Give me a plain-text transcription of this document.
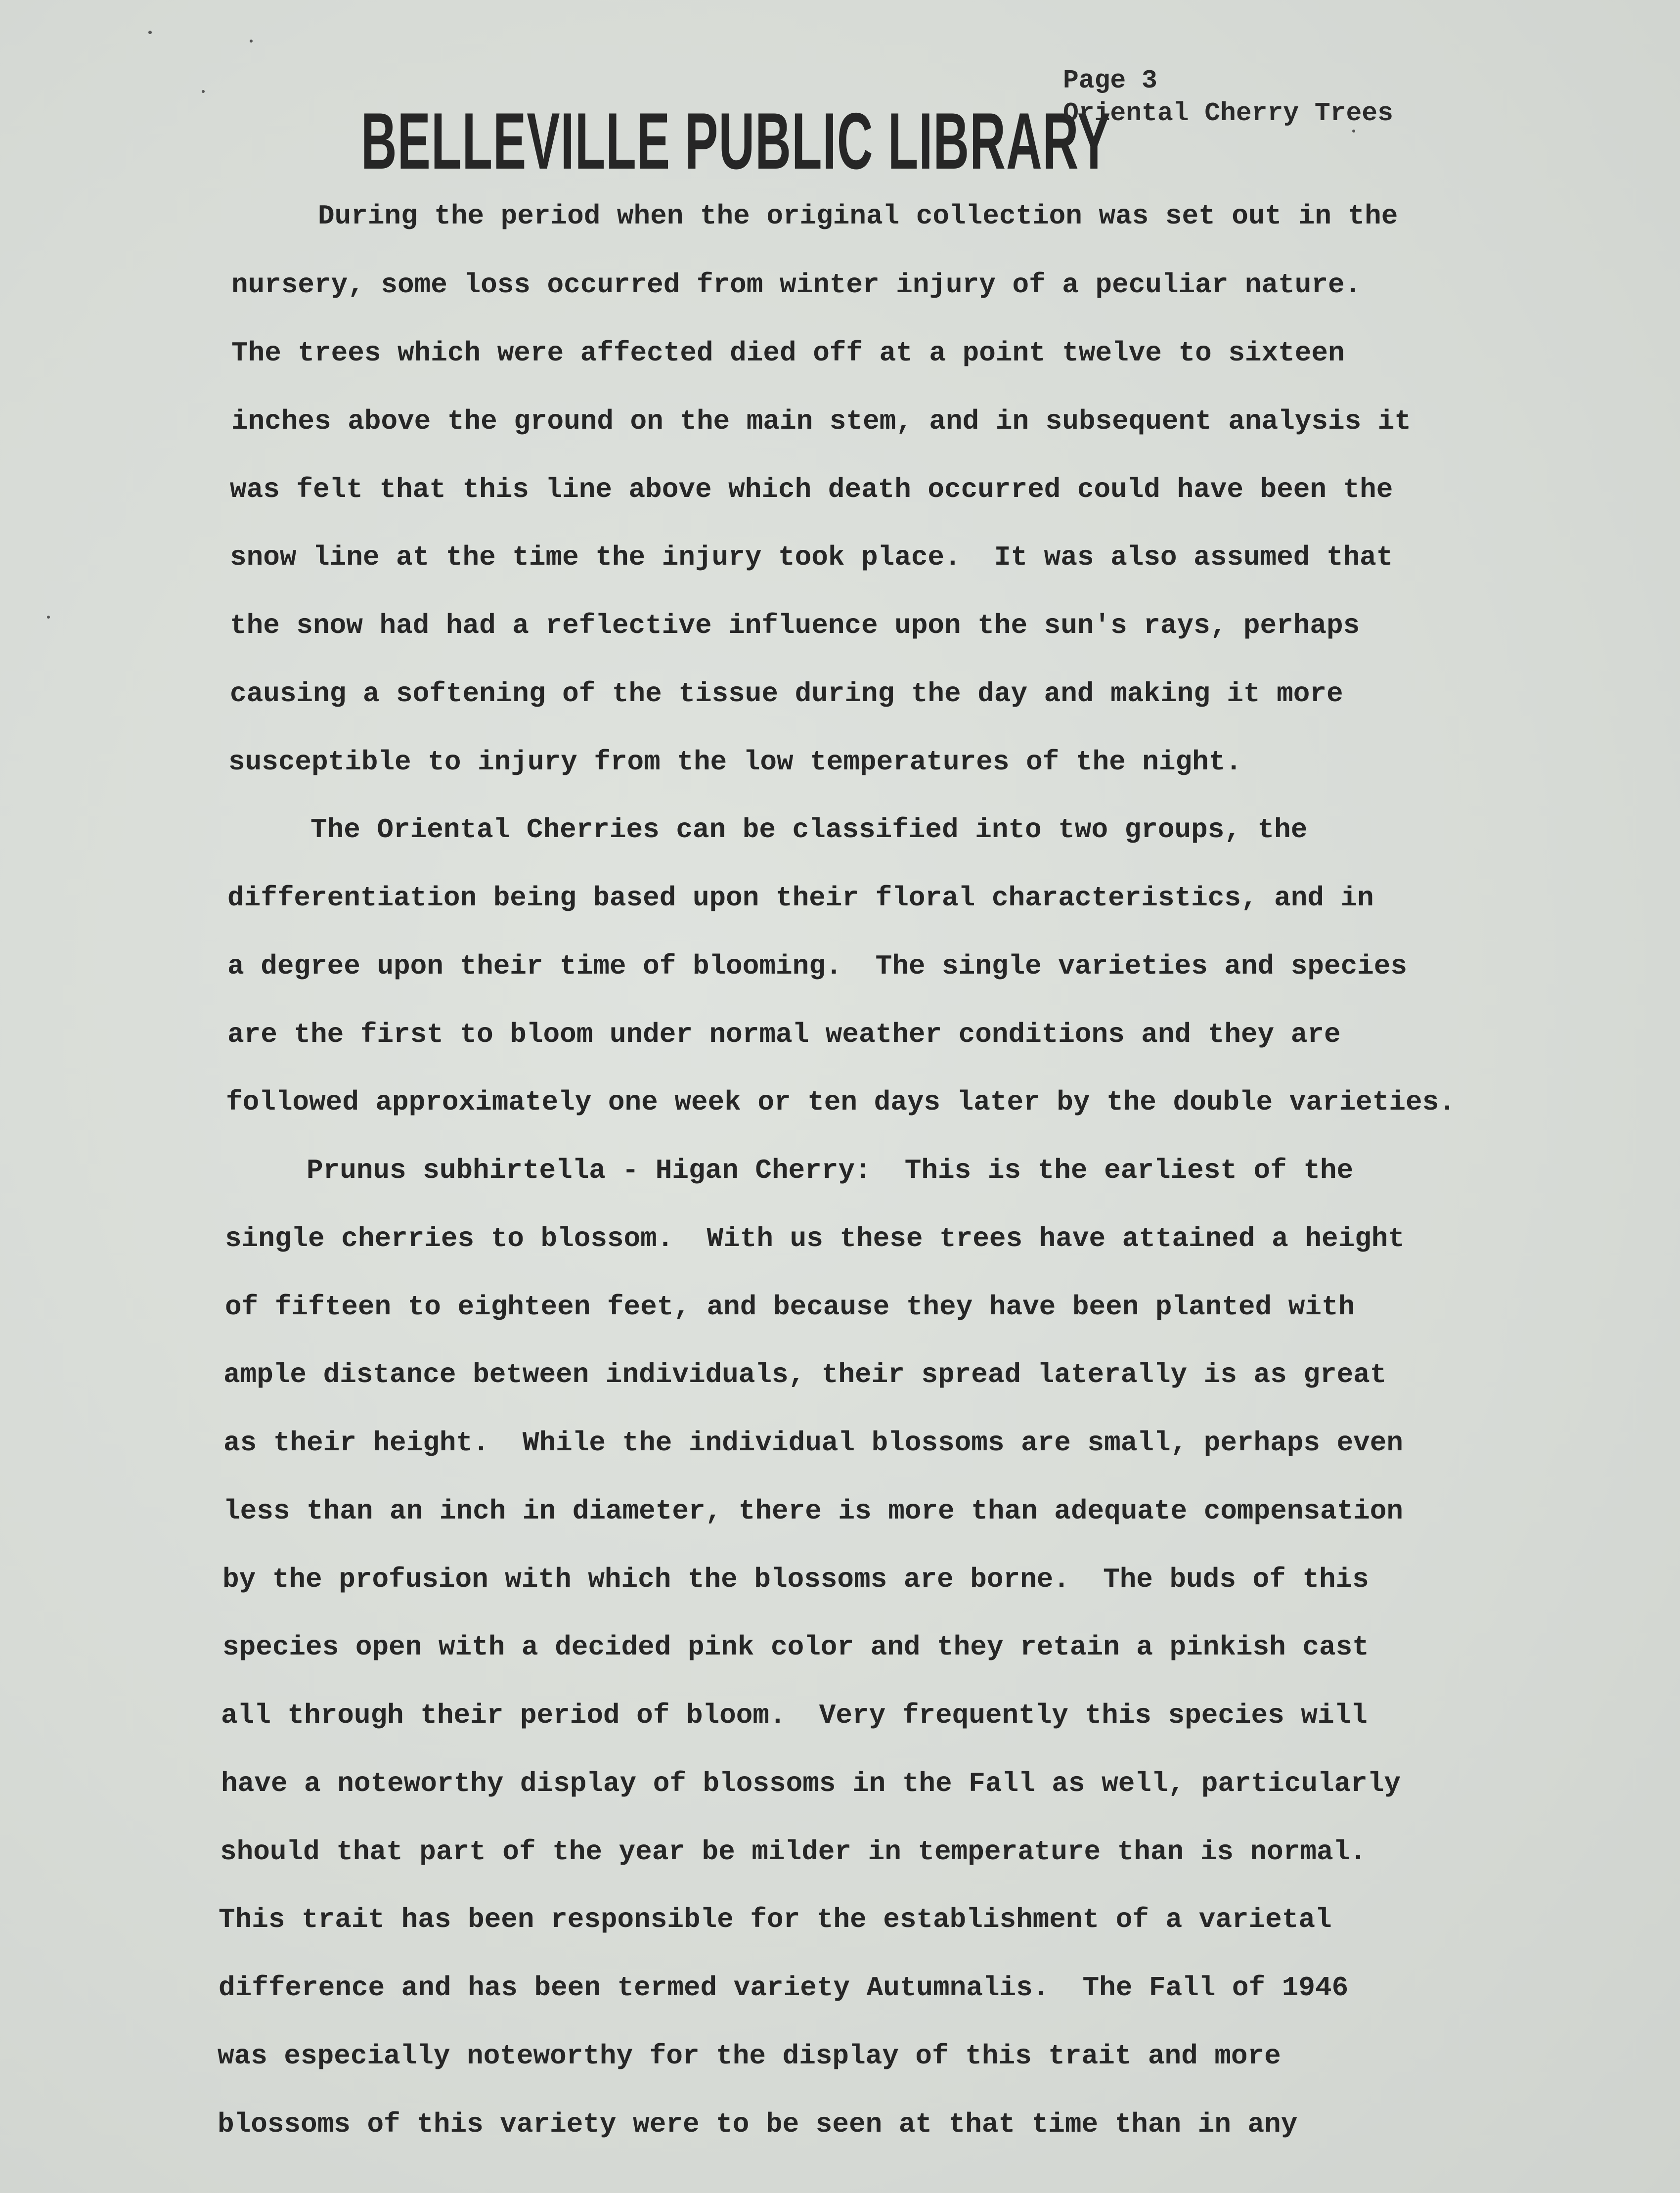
BELLEVILLE PUBLIC LIBRARY
Page 3
Oriental Cherry Trees
During the period when the original collection was set out in the
nursery, some loss occurred from winter injury of a peculiar nature.
The trees which were affected died off at a point twelve to sixteen
inches above the ground on the main stem, and in subsequent analysis it
was felt that this line above which death occurred could have been the
snow line at the time the injury took place.  It was also assumed that
the snow had had a reflective influence upon the sun's rays, perhaps
causing a softening of the tissue during the day and making it more
susceptible to injury from the low temperatures of the night.
The Oriental Cherries can be classified into two groups, the
differentiation being based upon their floral characteristics, and in
a degree upon their time of blooming.  The single varieties and species
are the first to bloom under normal weather conditions and they are
followed approximately one week or ten days later by the double varieties.
Prunus subhirtella - Higan Cherry:  This is the earliest of the
single cherries to blossom.  With us these trees have attained a height
of fifteen to eighteen feet, and because they have been planted with
ample distance between individuals, their spread laterally is as great
as their height.  While the individual blossoms are small, perhaps even
less than an inch in diameter, there is more than adequate compensation
by the profusion with which the blossoms are borne.  The buds of this
species open with a decided pink color and they retain a pinkish cast
all through their period of bloom.  Very frequently this species will
have a noteworthy display of blossoms in the Fall as well, particularly
should that part of the year be milder in temperature than is normal.
This trait has been responsible for the establishment of a varietal
difference and has been termed variety Autumnalis.  The Fall of 1946
was especially noteworthy for the display of this trait and more
blossoms of this variety were to be seen at that time than in any
